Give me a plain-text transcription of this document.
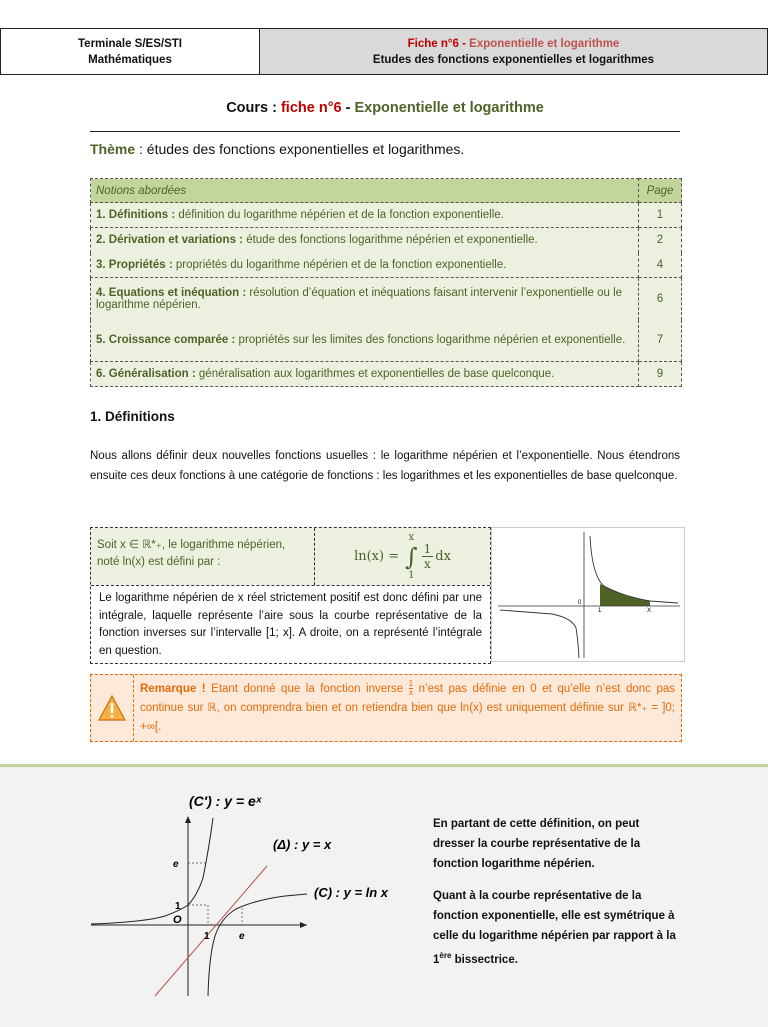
Terminale S/ES/STI
Mathématiques
Fiche n°6 - Exponentielle et logarithme
Etudes des fonctions exponentielles et logarithmes
Cours : fiche n°6 - Exponentielle et logarithme
Thème : études des fonctions exponentielles et logarithmes.
Notions abordées	Page
1. Définitions : définition du logarithme népérien et de la fonction exponentielle.	1
2. Dérivation et variations : étude des fonctions logarithme népérien et exponentielle.	2
3. Propriétés : propriétés du logarithme népérien et de la fonction exponentielle.	4
4. Equations et inéquation : résolution d’équation et inéquations faisant intervenir l’exponentielle ou le logarithme népérien.	6
5. Croissance comparée : propriétés sur les limites des fonctions logarithme népérien et exponentielle.	7
6. Généralisation : généralisation aux logarithmes et exponentielles de base quelconque.	9
1. Définitions
Nous allons définir deux nouvelles fonctions usuelles : le logarithme népérien et l’exponentielle. Nous étendrons ensuite ces deux fonctions à une catégorie de fonctions : les logarithmes et les exponentielles de base quelconque.
Soit x ∈ ℝ*₊, le logarithme népérien,
noté ln(x) est défini par :	ln(x) =
x
∫
1
$\frac{1}{x}$ dx
Le logarithme népérien de x réel strictement positif est donc défini par une intégrale, laquelle représente l’aire sous la courbe représentative de la fonction inverses sur l’intervalle [1; x]. A droite, on a représenté l’intégrale en question.
0
1	X
Remarque ! Etant donné que la fonction inverse $\frac{1}{x}$ n’est pas définie en 0 et qu’elle n’est donc pas continue sur ℝ, on comprendra bien et on retiendra bien que ln(x) est uniquement définie sur ℝ*₊ = ]0; +∞[.
(C′) : y = eˣ
(Δ) : y = x
(C) : y = ln x
e
1
O
1	e

En partant de cette définition, on peut dresser la courbe représentative de la fonction logarithme népérien.

Quant à la courbe représentative de la fonction exponentielle, elle est symétrique à celle du logarithme népérien par rapport à la 1ère bissectrice.
